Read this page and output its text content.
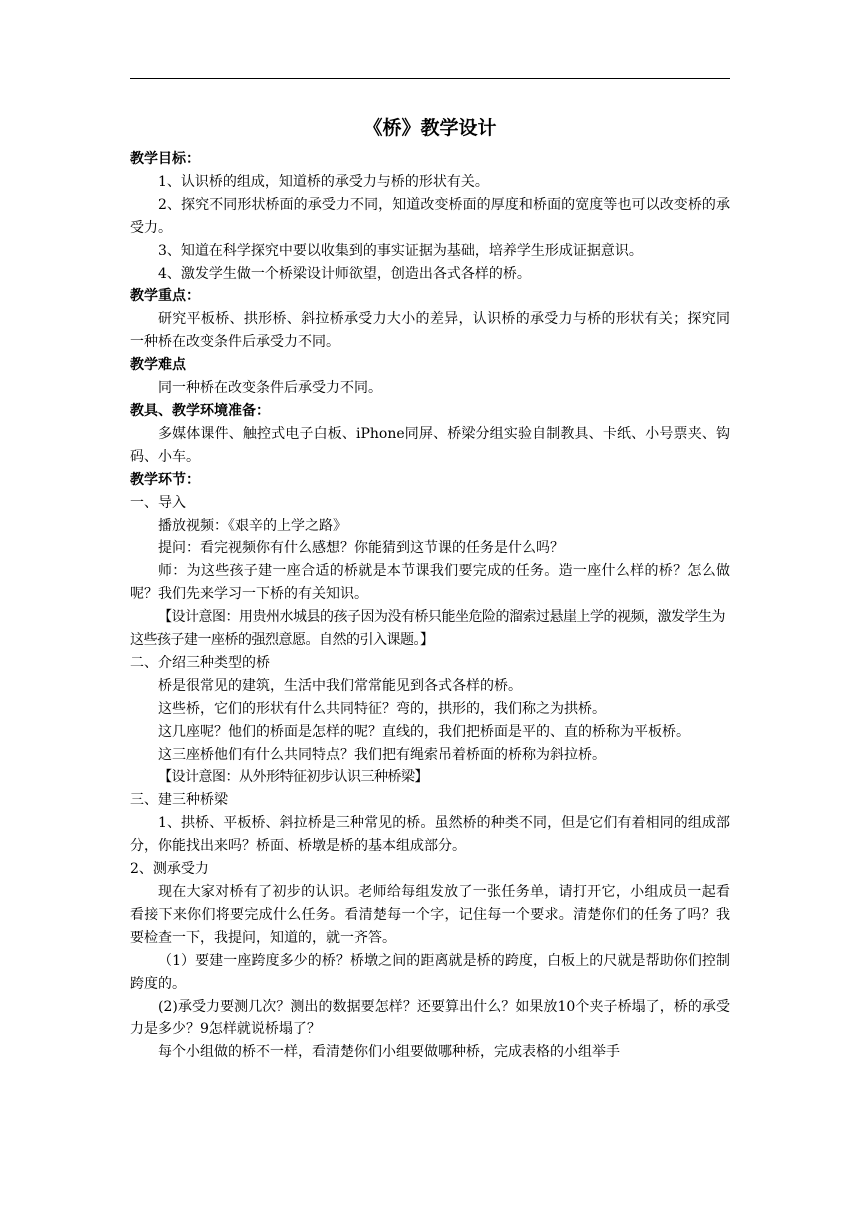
《桥》教学设计
教学目标：

1、认识桥的组成，知道桥的承受力与桥的形状有关。

2、探究不同形状桥面的承受力不同，知道改变桥面的厚度和桥面的宽度等也可以改变桥的承受力。

3、知道在科学探究中要以收集到的事实证据为基础，培养学生形成证据意识。

4、激发学生做一个桥梁设计师欲望，创造出各式各样的桥。

教学重点：

研究平板桥、拱形桥、斜拉桥承受力大小的差异，认识桥的承受力与桥的形状有关；探究同一种桥在改变条件后承受力不同。

教学难点

同一种桥在改变条件后承受力不同。

教具、教学环境准备：

多媒体课件、触控式电子白板、iPhone同屏、桥梁分组实验自制教具、卡纸、小号票夹、钩码、小车。

教学环节：
一、导入

播放视频：《艰辛的上学之路》

提问：看完视频你有什么感想？你能猜到这节课的任务是什么吗？

师：为这些孩子建一座合适的桥就是本节课我们要完成的任务。造一座什么样的桥？怎么做呢？我们先来学习一下桥的有关知识。

【设计意图：用贵州水城县的孩子因为没有桥只能坐危险的溜索过悬崖上学的视频，激发学生为这些孩子建一座桥的强烈意愿。自然的引入课题。】

二、介绍三种类型的桥

桥是很常见的建筑，生活中我们常常能见到各式各样的桥。

这些桥，它们的形状有什么共同特征？弯的，拱形的，我们称之为拱桥。

这几座呢？他们的桥面是怎样的呢？直线的，我们把桥面是平的、直的桥称为平板桥。

这三座桥他们有什么共同特点？我们把有绳索吊着桥面的桥称为斜拉桥。

【设计意图：从外形特征初步认识三种桥梁】

三、建三种桥梁

1、拱桥、平板桥、斜拉桥是三种常见的桥。虽然桥的种类不同，但是它们有着相同的组成部分，你能找出来吗？桥面、桥墩是桥的基本组成部分。

2、测承受力

现在大家对桥有了初步的认识。老师给每组发放了一张任务单，请打开它，小组成员一起看看接下来你们将要完成什么任务。看清楚每一个字，记住每一个要求。清楚你们的任务了吗？我要检查一下，我提问，知道的，就一齐答。

（1）要建一座跨度多少的桥？桥墩之间的距离就是桥的跨度，白板上的尺就是帮助你们控制跨度的。

(2)承受力要测几次？测出的数据要怎样？还要算出什么？如果放10个夹子桥塌了，桥的承受力是多少？9怎样就说桥塌了？

每个小组做的桥不一样，看清楚你们小组要做哪种桥，完成表格的小组举手
